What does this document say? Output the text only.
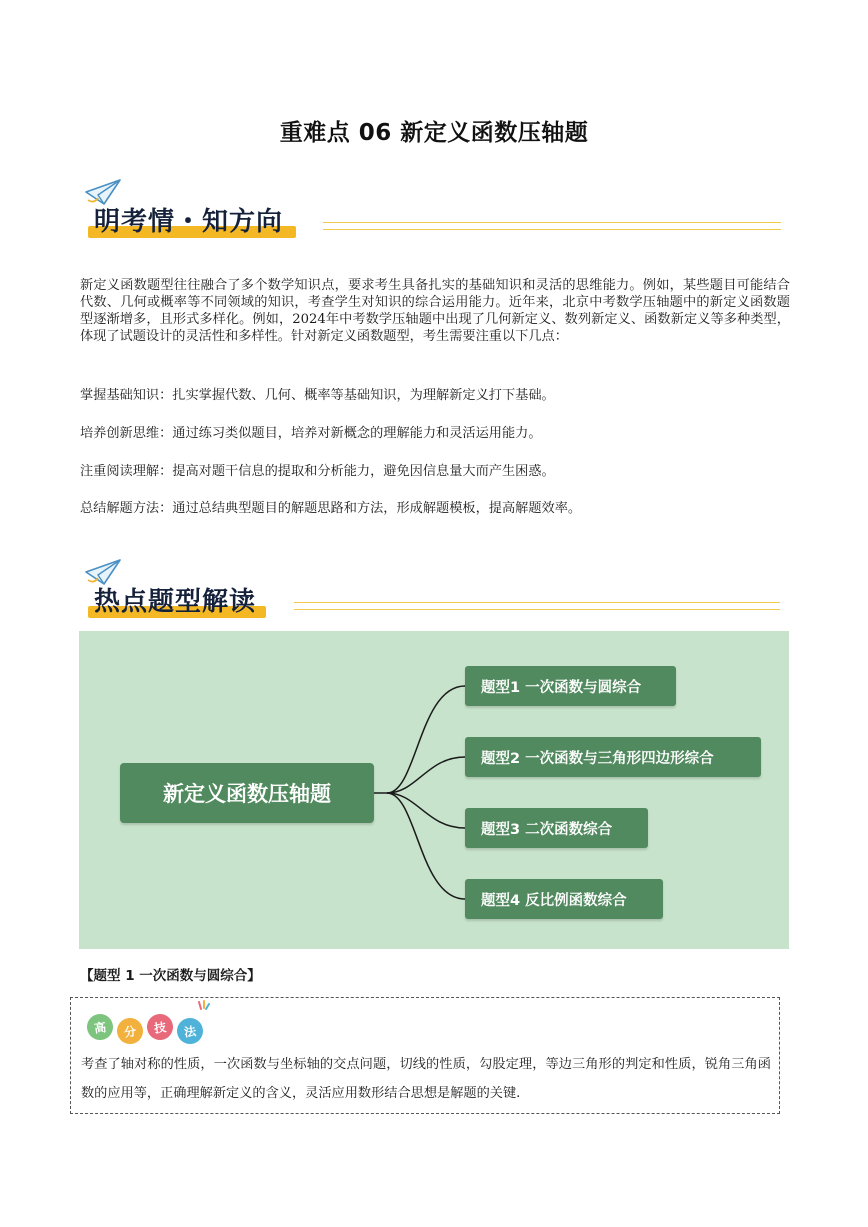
重难点 06 新定义函数压轴题
明考情・知方向

新定义函数题型往往融合了多个数学知识点，要求考生具备扎实的基础知识和灵活的思维能力。例如，某些题目可能结合代数、几何或概率等不同领域的知识，考查学生对知识的综合运用能力。近年来，北京中考数学压轴题中的新定义函数题型逐渐增多，且形式多样化。例如，2024年中考数学压轴题中出现了几何新定义、数列新定义、函数新定义等多种类型，体现了试题设计的灵活性和多样性。针对新定义函数题型，考生需要注重以下几点：

掌握基础知识：扎实掌握代数、几何、概率等基础知识，为理解新定义打下基础。

培养创新思维：通过练习类似题目，培养对新概念的理解能力和灵活运用能力。

注重阅读理解：提高对题干信息的提取和分析能力，避免因信息量大而产生困惑。

总结解题方法：通过总结典型题目的解题思路和方法，形成解题模板，提高解题效率。

热点题型解读
新定义函数压轴题
题型1 一次函数与圆综合
题型2 一次函数与三角形四边形综合
题型3 二次函数综合
题型4 反比例函数综合
【题型 1 一次函数与圆综合】
高	分	技	法

考查了轴对称的性质，一次函数与坐标轴的交点问题，切线的性质，勾股定理，等边三角形的判定和性质，锐角三角函数的应用等，正确理解新定义的含义，灵活应用数形结合思想是解题的关键.
